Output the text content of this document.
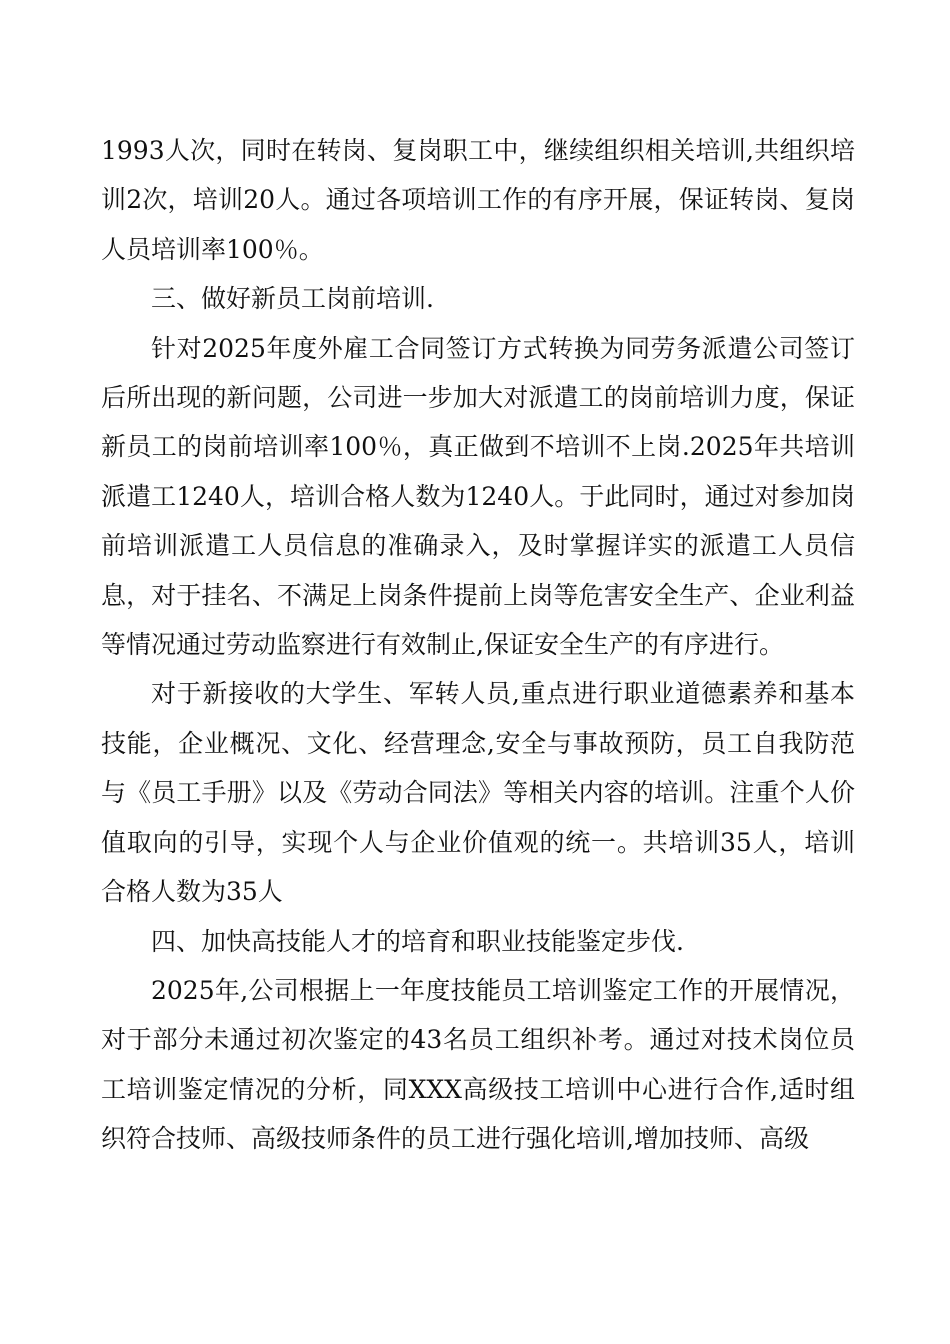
1993人次，同时在转岗、复岗职工中，继续组织相关培训,共组织培训2次，培训20人。通过各项培训工作的有序开展，保证转岗、复岗人员培训率100％。

三、做好新员工岗前培训.

针对2025年度外雇工合同签订方式转换为同劳务派遣公司签订后所出现的新问题，公司进一步加大对派遣工的岗前培训力度，保证新员工的岗前培训率100％，真正做到不培训不上岗.2025年共培训派遣工1240人，培训合格人数为1240人。于此同时，通过对参加岗前培训派遣工人员信息的准确录入，及时掌握详实的派遣工人员信息，对于挂名、不满足上岗条件提前上岗等危害安全生产、企业利益等情况通过劳动监察进行有效制止,保证安全生产的有序进行。

对于新接收的大学生、军转人员,重点进行职业道德素养和基本技能，企业概况、文化、经营理念,安全与事故预防，员工自我防范与《员工手册》以及《劳动合同法》等相关内容的培训。注重个人价值取向的引导，实现个人与企业价值观的统一。共培训35人，培训合格人数为35人

四、加快高技能人才的培育和职业技能鉴定步伐.

2025年,公司根据上一年度技能员工培训鉴定工作的开展情况，对于部分未通过初次鉴定的43名员工组织补考。通过对技术岗位员工培训鉴定情况的分析，同XXX高级技工培训中心进行合作,适时组织符合技师、高级技师条件的员工进行强化培训,增加技师、高级
